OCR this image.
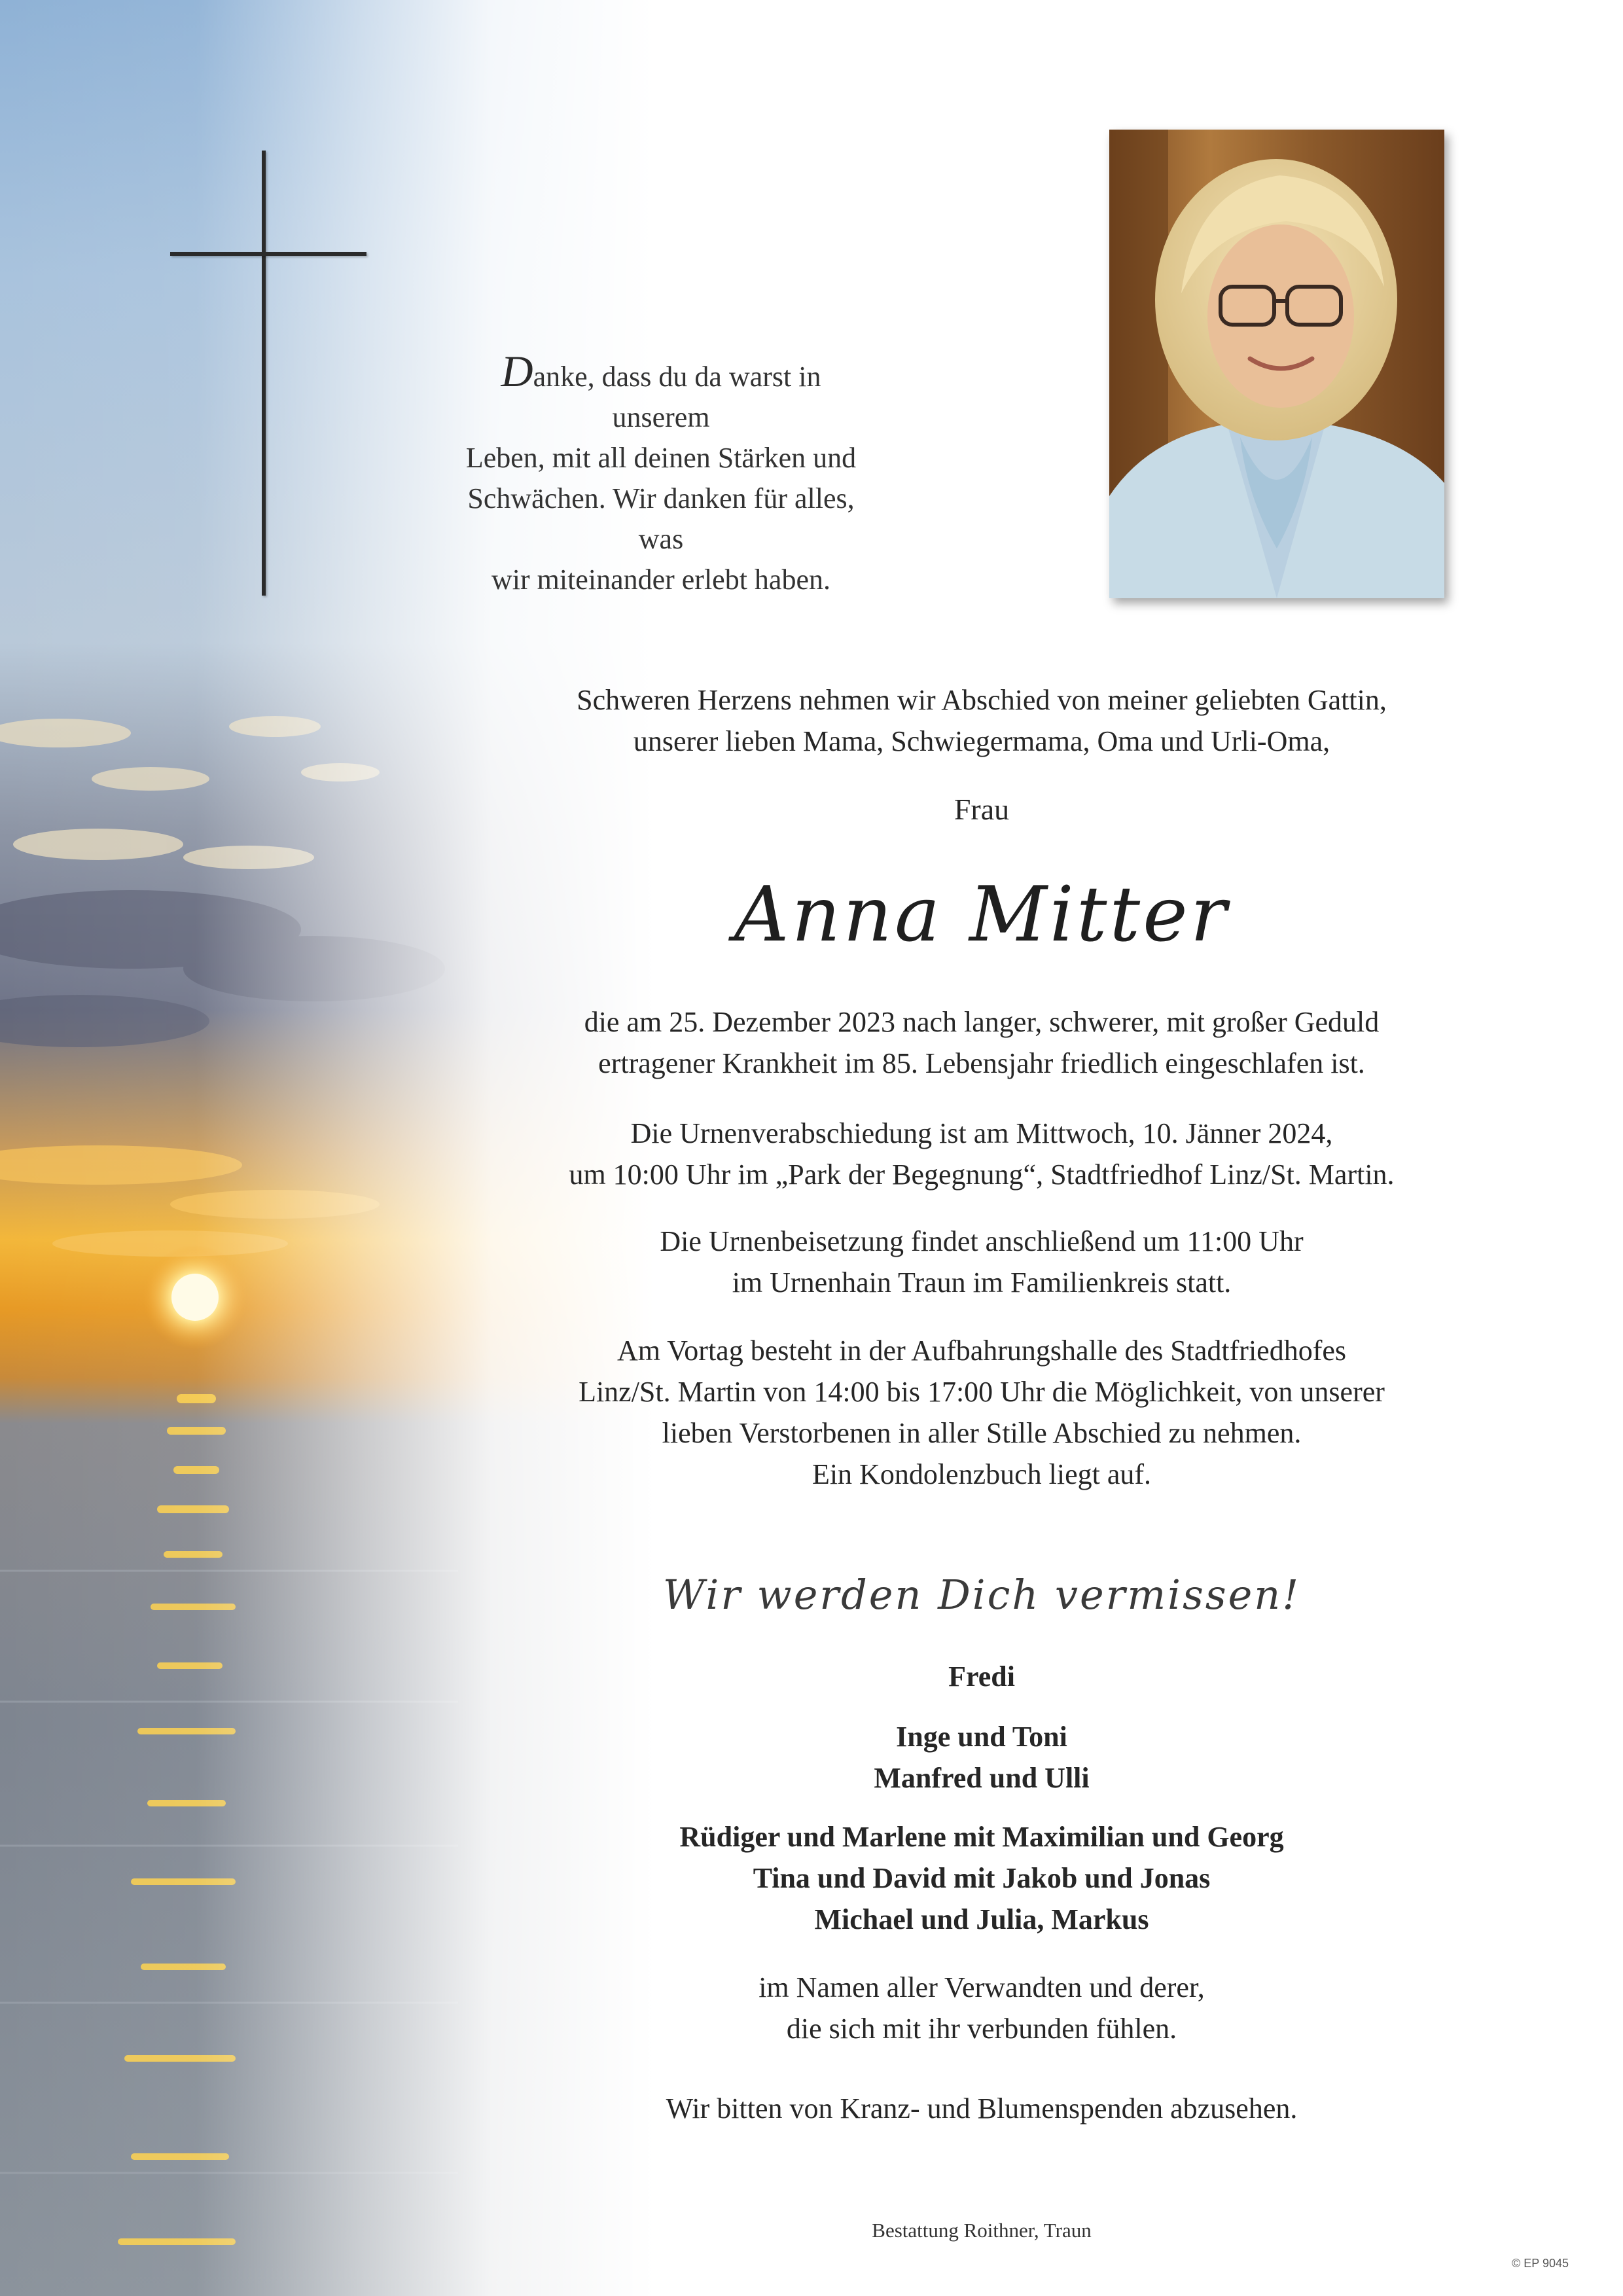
Danke, dass du da warst in unserem
Leben, mit all deinen Stärken und
Schwächen. Wir danken für alles, was
wir miteinander erlebt haben.

Schweren Herzens nehmen wir Abschied von meiner geliebten Gattin,

unserer lieben Mama, Schwiegermama, Oma und Urli-Oma,

Frau
Anna Mitter

die am 25. Dezember 2023 nach langer, schwerer, mit großer Geduld

ertragener Krankheit im 85. Lebensjahr friedlich eingeschlafen ist.

Die Urnenverabschiedung ist am Mittwoch, 10. Jänner 2024,

um 10:00 Uhr im „Park der Begegnung“, Stadtfriedhof Linz/St. Martin.

Die Urnenbeisetzung findet anschließend um 11:00 Uhr

im Urnenhain Traun im Familienkreis statt.

Am Vortag besteht in der Aufbahrungshalle des Stadtfriedhofes

Linz/St. Martin von 14:00 bis 17:00 Uhr die Möglichkeit, von unserer

lieben Verstorbenen in aller Stille Abschied zu nehmen.

Ein Kondolenzbuch liegt auf.

Wir werden Dich vermissen!
Fredi
Inge und Toni
Manfred und Ulli
Rüdiger und Marlene mit Maximilian und Georg
Tina und David mit Jakob und Jonas
Michael und Julia, Markus

im Namen aller Verwandten und derer,

die sich mit ihr verbunden fühlen.

Wir bitten von Kranz- und Blumenspenden abzusehen.

Bestattung Roithner, Traun
© EP 9045
